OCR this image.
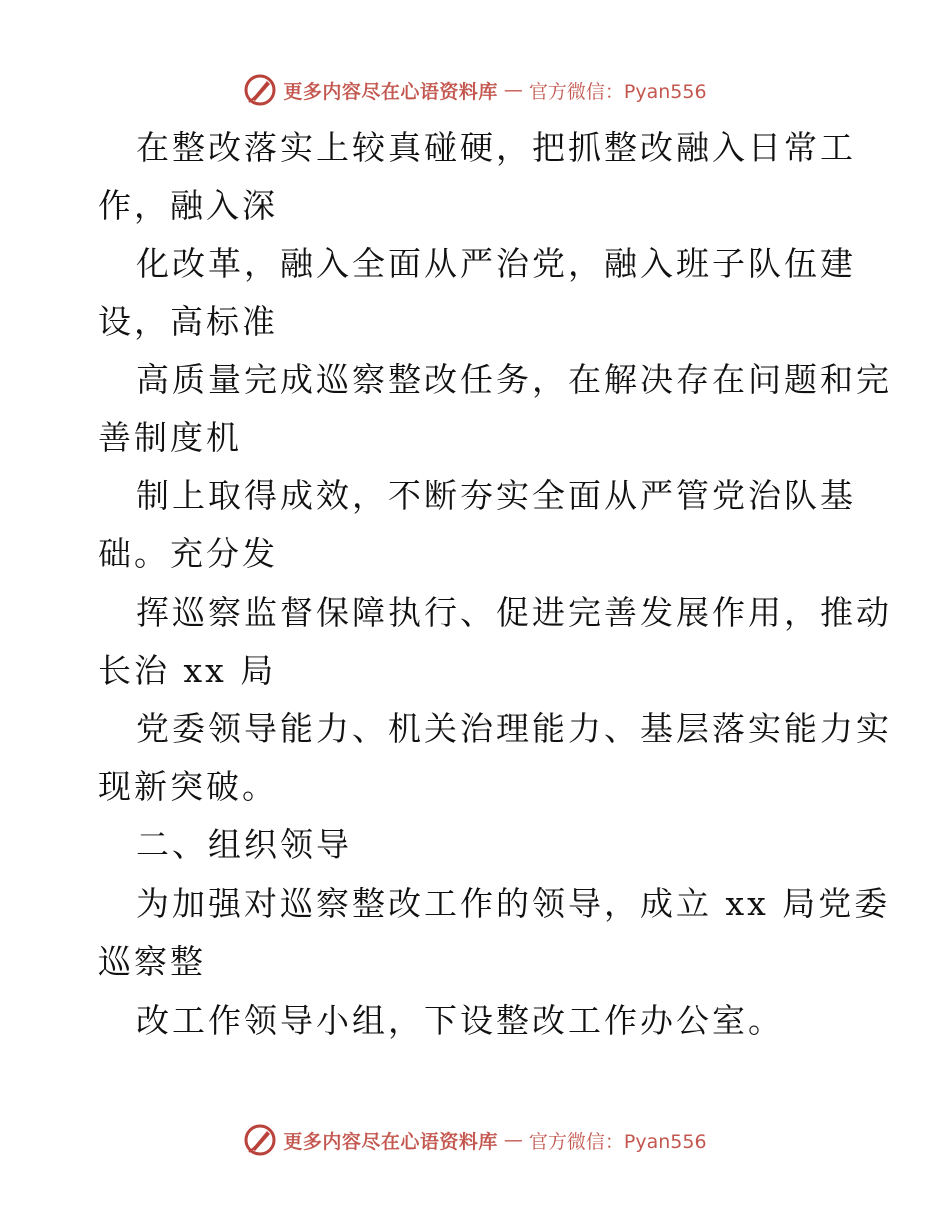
更多内容尽在心语资料库 — 官方微信：Pyan556
在整改落实上较真碰硬，把抓整改融入日常工
作，融入深
化改革，融入全面从严治党，融入班子队伍建
设，高标准
高质量完成巡察整改任务，在解决存在问题和完
善制度机
制上取得成效，不断夯实全面从严管党治队基
础。充分发
挥巡察监督保障执行、促进完善发展作用，推动
长治 xx 局
党委领导能力、机关治理能力、基层落实能力实
现新突破。
二、组织领导
为加强对巡察整改工作的领导，成立 xx 局党委
巡察整
改工作领导小组，下设整改工作办公室。
更多内容尽在心语资料库 — 官方微信：Pyan556
